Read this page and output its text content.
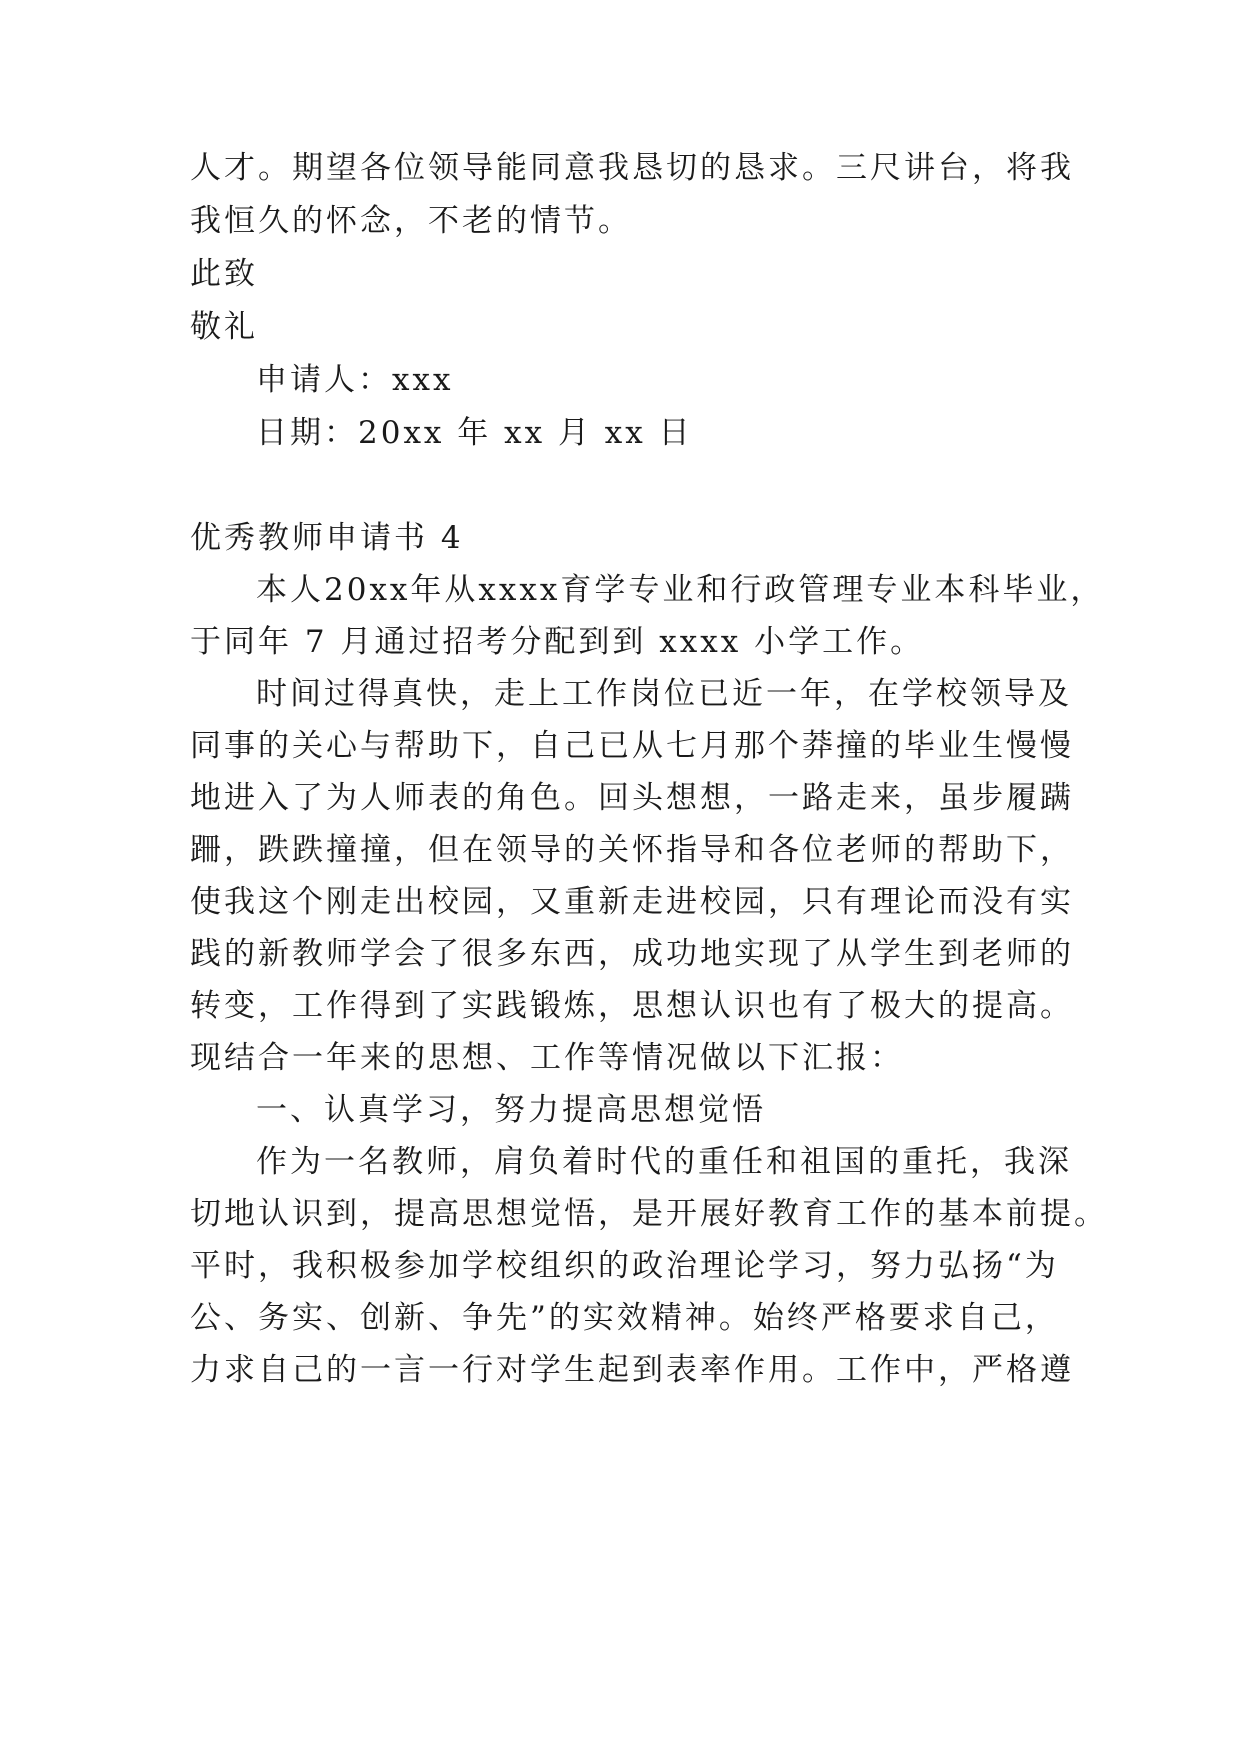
人才。期望各位领导能同意我恳切的恳求。三尺讲台，将我
我恒久的怀念，不老的情节。
此致
敬礼
申请人：xxx
日期：20xx 年 xx 月 xx 日
优秀教师申请书 4
本人20xx年从xxxx育学专业和行政管理专业本科毕业，
于同年 7 月通过招考分配到到 xxxx 小学工作。
时间过得真快，走上工作岗位已近一年，在学校领导及
同事的关心与帮助下，自己已从七月那个莽撞的毕业生慢慢
地进入了为人师表的角色。回头想想，一路走来，虽步履蹒
跚，跌跌撞撞，但在领导的关怀指导和各位老师的帮助下，
使我这个刚走出校园，又重新走进校园，只有理论而没有实
践的新教师学会了很多东西，成功地实现了从学生到老师的
转变，工作得到了实践锻炼，思想认识也有了极大的提高。
现结合一年来的思想、工作等情况做以下汇报：
一、认真学习，努力提高思想觉悟
作为一名教师，肩负着时代的重任和祖国的重托，我深
切地认识到，提高思想觉悟，是开展好教育工作的基本前提。
平时，我积极参加学校组织的政治理论学习，努力弘扬“为
公、务实、创新、争先”的实效精神。始终严格要求自己，
力求自己的一言一行对学生起到表率作用。工作中，严格遵
